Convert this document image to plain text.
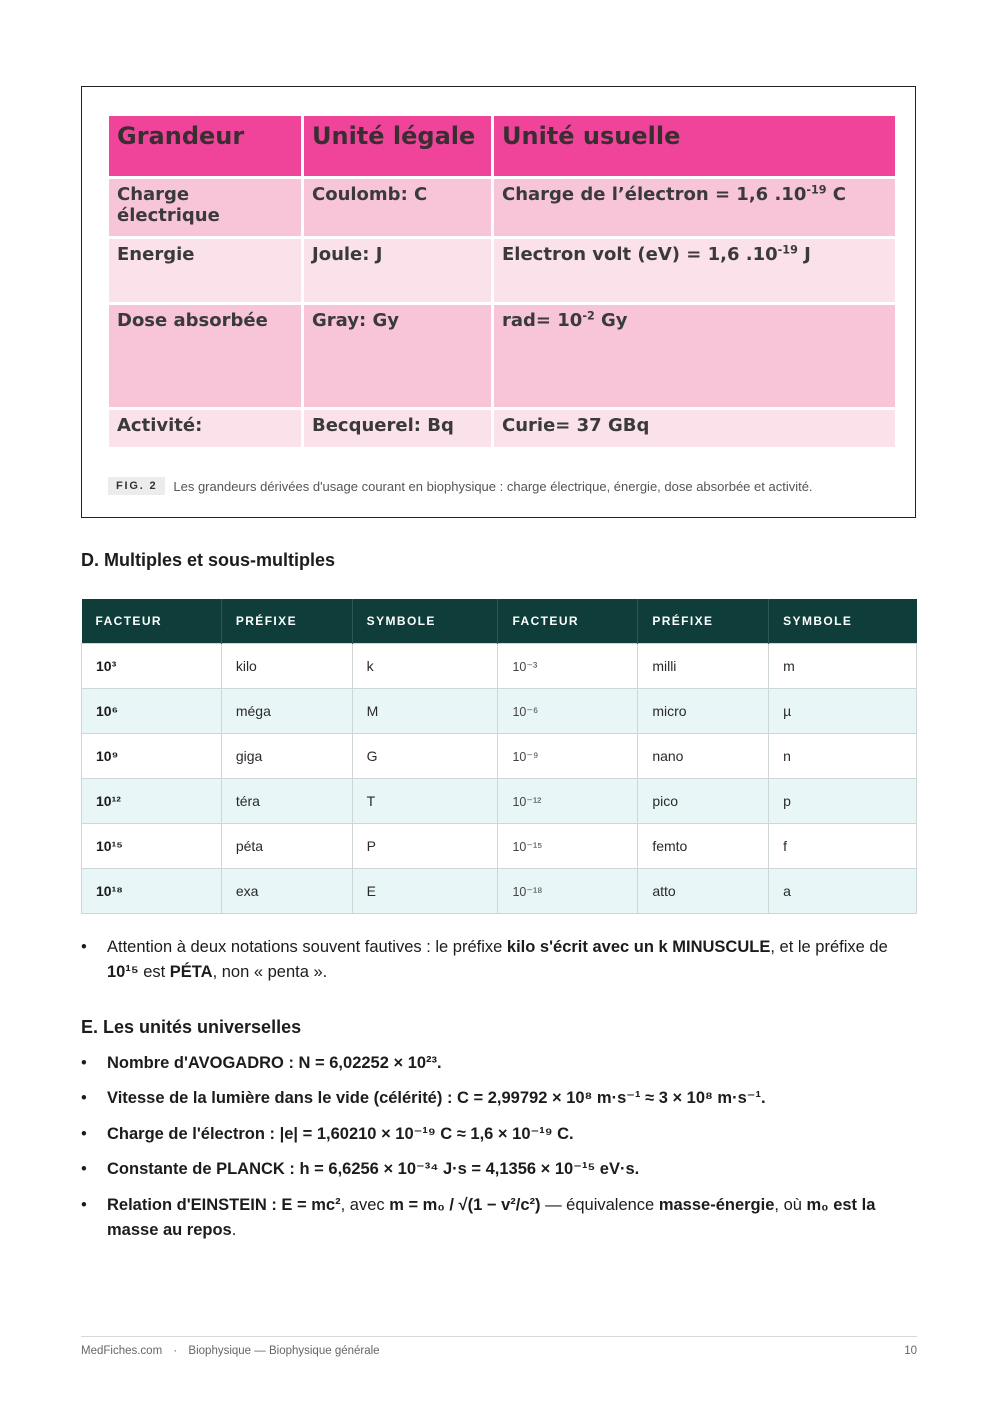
Grandeur	Unité légale	Unité usuelle
Charge électrique	Coulomb: C	Charge de l’électron = 1,6 $.10^{-19}$ C
Energie	Joule: J	Electron volt (eV) = 1,6 $.10^{-19}$ J
Dose absorbée	Gray: Gy	$rad= 10^{-2}$ Gy
Activité:	Becquerel: Bq	Curie= 37 GBq
FIG. 2	Les grandeurs dérivées d'usage courant en biophysique : charge électrique, énergie, dose absorbée et activité.
D. Multiples et sous-multiples
FACTEUR	PRÉFIXE	SYMBOLE	FACTEUR	PRÉFIXE	SYMBOLE
10³	kilo	k	10⁻³	milli	m
10⁶	méga	M	10⁻⁶	micro	µ
10⁹	giga	G	10⁻⁹	nano	n
10¹²	téra	T	10⁻¹²	pico	p
10¹⁵	péta	P	10⁻¹⁵	femto	f
10¹⁸	exa	E	10⁻¹⁸	atto	a
• Attention à deux notations souvent fautives : le préfixe kilo s'écrit avec un k MINUSCULE, et le préfixe de 10¹⁵ est PÉTA, non « penta ».
E. Les unités universelles
• Nombre d'AVOGADRO : N = 6,02252 × 10²³.
• Vitesse de la lumière dans le vide (célérité) : C = 2,99792 × 10⁸ m·s⁻¹ ≈ 3 × 10⁸ m·s⁻¹.
• Charge de l'électron : |e| = 1,60210 × 10⁻¹⁹ C ≈ 1,6 × 10⁻¹⁹ C.
• Constante de PLANCK : h = 6,6256 × 10⁻³⁴ J·s = 4,1356 × 10⁻¹⁵ eV·s.
• Relation d'EINSTEIN : E = mc², avec m = m₀ / √(1 − v²/c²) — équivalence masse-énergie, où m₀ est la masse au repos.
MedFiches.com · Biophysique — Biophysique générale	10
